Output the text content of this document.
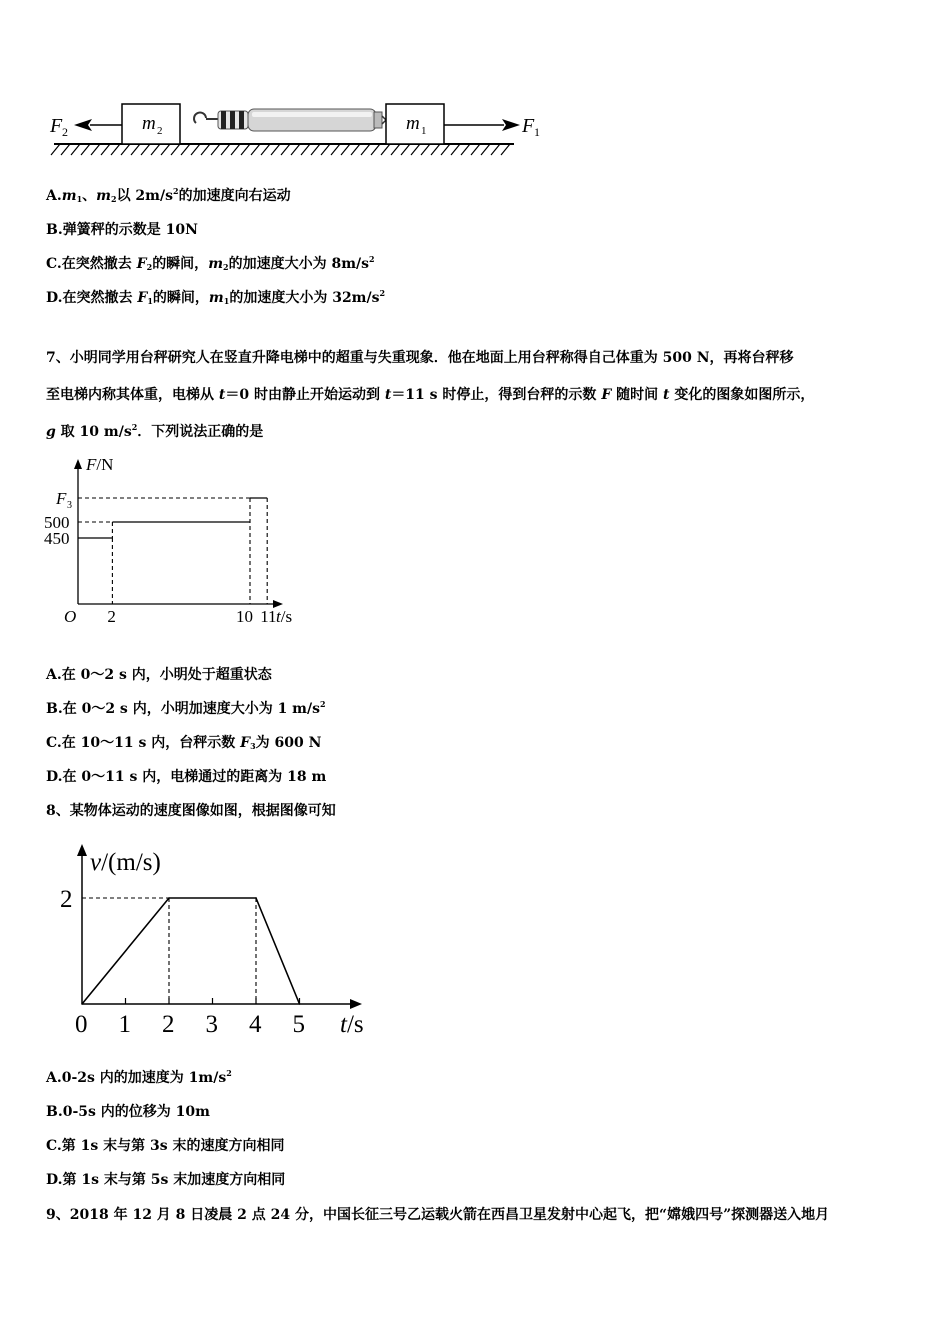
F 2	m 2	m 1	F 1
$A.m_1$、$m_2$以 $2m/s^2$的加速度向右运动
B.弹簧秤的示数是 10N
C.在突然撤去 $F_2$的瞬间，$m_2$的加速度大小为 $8m/s^2$
D.在突然撤去 $F_1$的瞬间，$m_1$的加速度大小为 $32m/s^2$
7、小明同学用台秤研究人在竖直升降电梯中的超重与失重现象．他在地面上用台秤称得自己体重为 500 N，再将台秤移
至电梯内称其体重，电梯从 t＝0 时由静止开始运动到 t＝11 s 时停止，得到台秤的示数 F 随时间 t 变化的图象如图所示，
g 取 10 $m/s^2$．下列说法正确的是
F/N
t/s
O
F 3
2	10 11
450
500
A.在 0～2 s 内，小明处于超重状态
B.在 0～2 s 内，小明加速度大小为 1 $m/s^2$
C.在 10～11 s 内，台秤示数 $F_3$为 600 N
D.在 0～11 s 内，电梯通过的距离为 18 m
8、某物体运动的速度图像如图，根据图像可知
v/(m/s)
t/s
0 1 2 3 4 5
2
A.0-2s 内的加速度为 $1m/s^2$
B.0-5s 内的位移为 10m
C.第 1s 末与第 3s 末的速度方向相同
D.第 1s 末与第 5s 末加速度方向相同
9、2018 年 12 月 8 日凌晨 2 点 24 分，中国长征三号乙运载火箭在西昌卫星发射中心起飞，把“嫦娥四号”探测器送入地月
